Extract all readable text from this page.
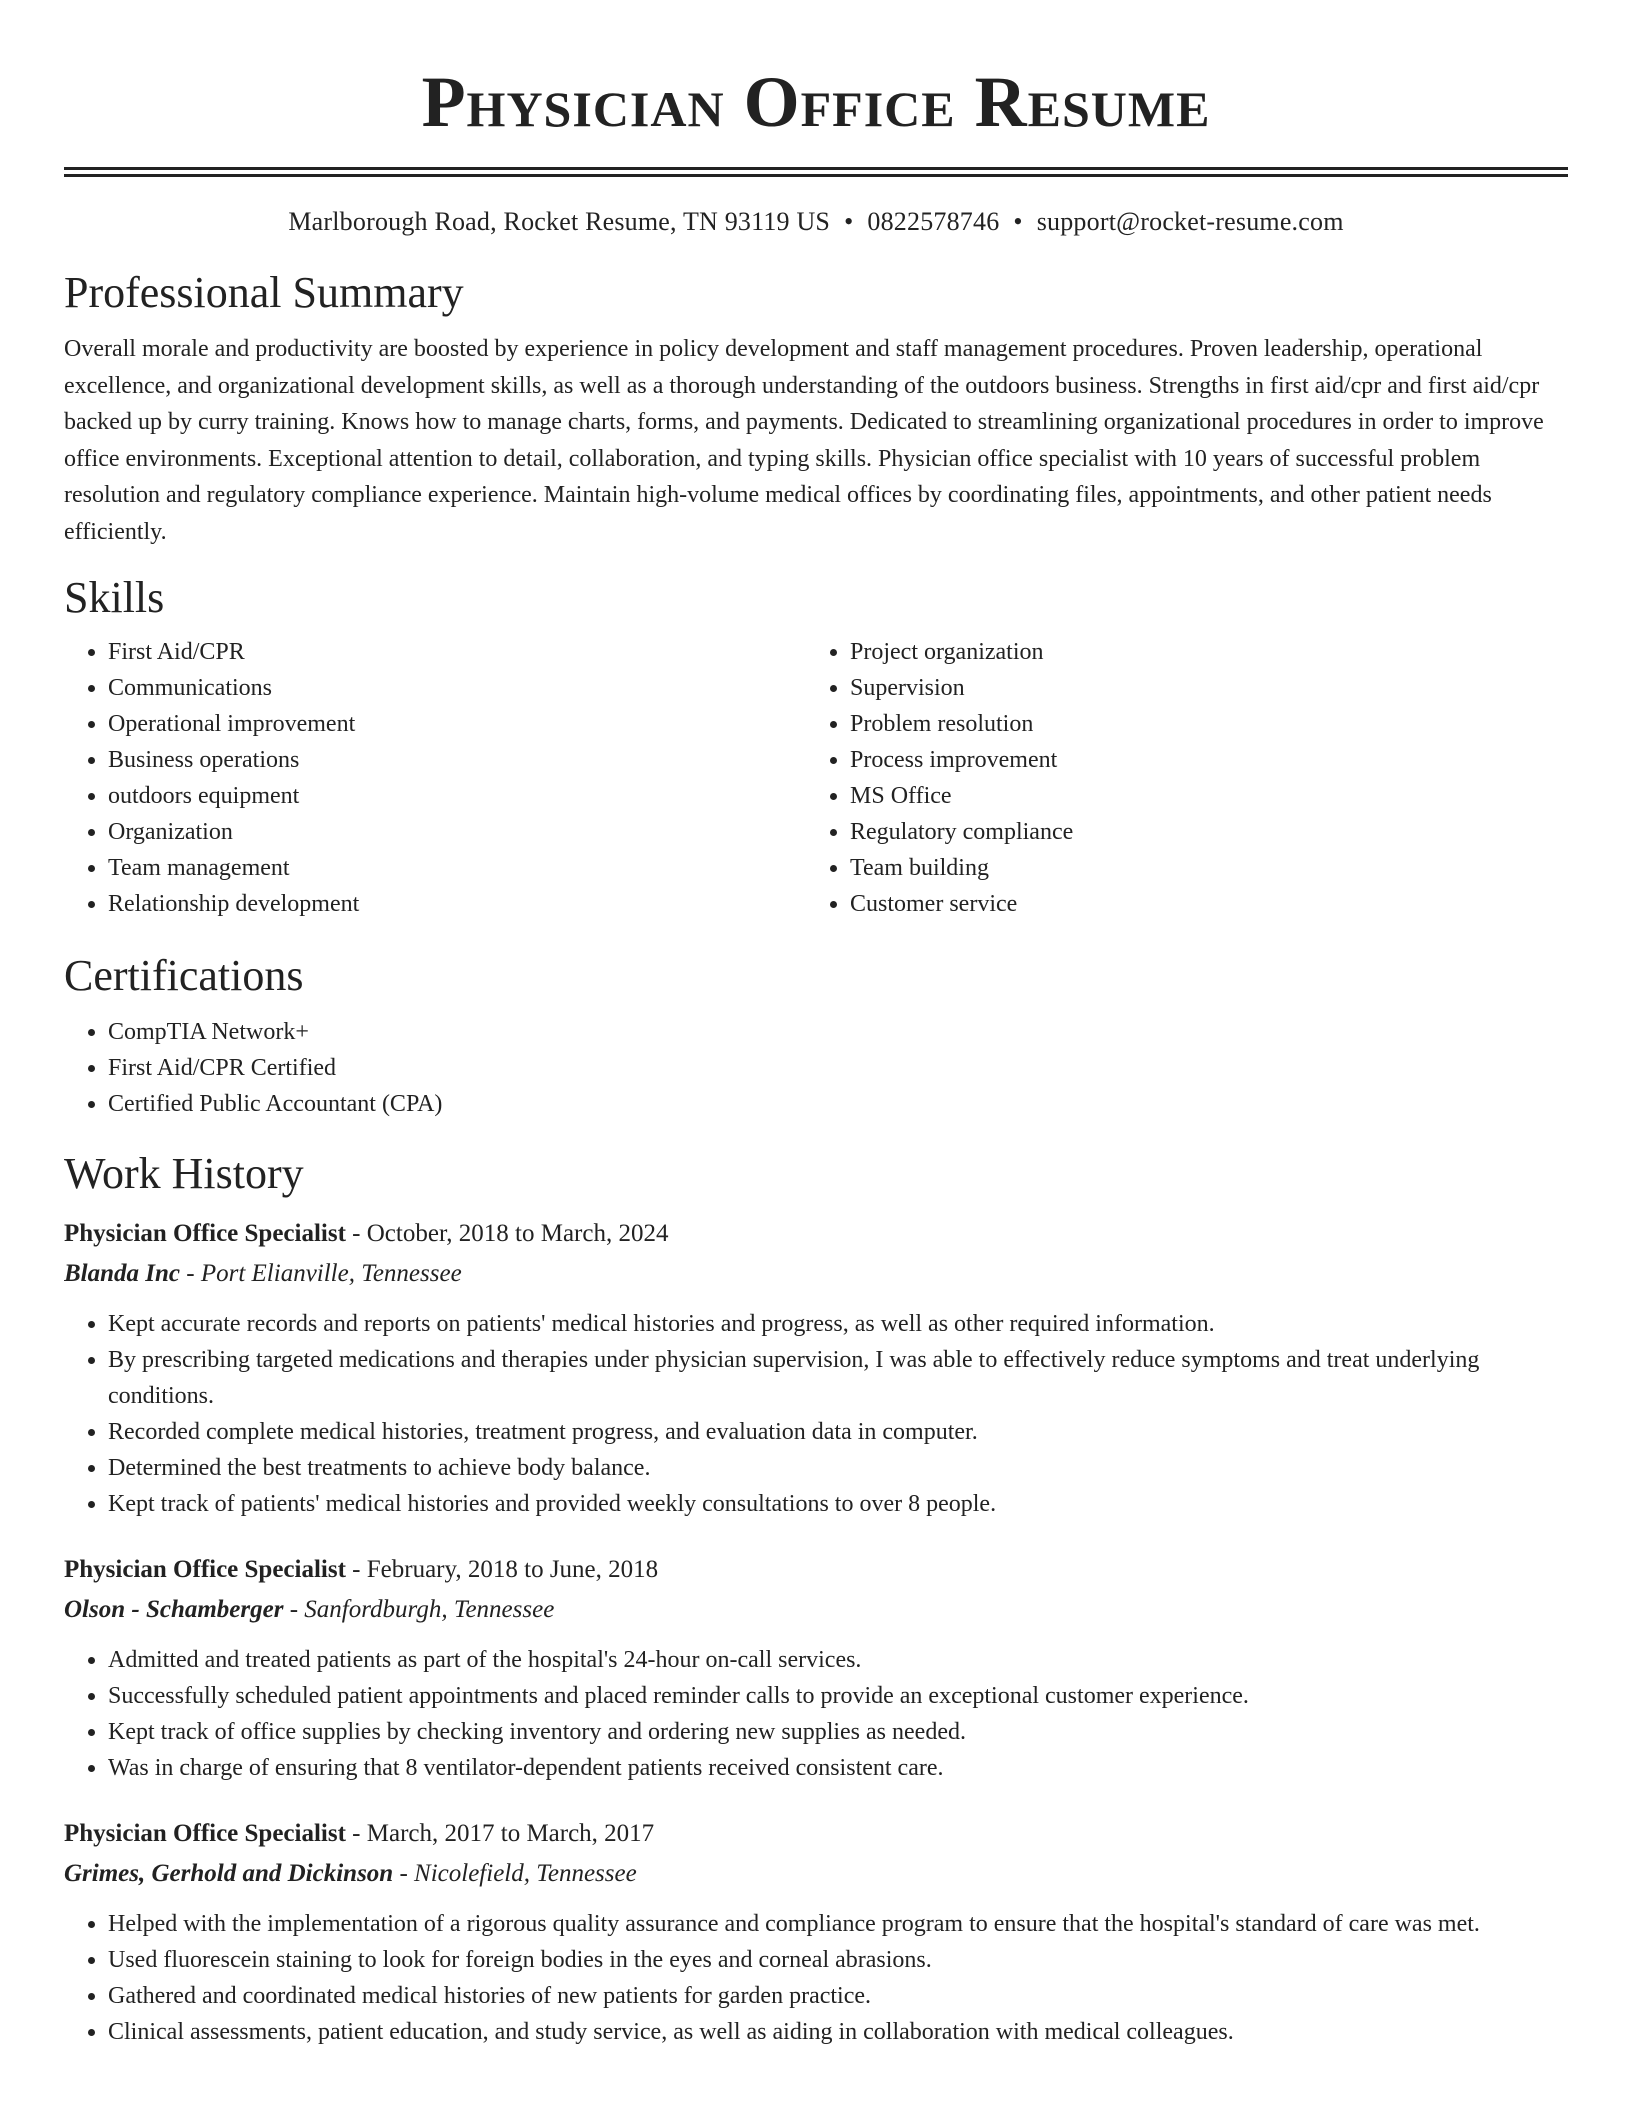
Physician Office Resume
Marlborough Road, Rocket Resume, TN 93119 US • 0822578746 • support@rocket-resume.com
Professional Summary
Overall morale and productivity are boosted by experience in policy development and staff management procedures. Proven leadership, operational excellence, and organizational development skills, as well as a thorough understanding of the outdoors business. Strengths in first aid/cpr and first aid/cpr backed up by curry training. Knows how to manage charts, forms, and payments. Dedicated to streamlining organizational procedures in order to improve office environments. Exceptional attention to detail, collaboration, and typing skills. Physician office specialist with 10 years of successful problem resolution and regulatory compliance experience. Maintain high-volume medical offices by coordinating files, appointments, and other patient needs efficiently.
Skills
• First Aid/CPR
• Communications
• Operational improvement
• Business operations
• outdoors equipment
• Organization
• Team management
• Relationship development
• Project organization
• Supervision
• Problem resolution
• Process improvement
• MS Office
• Regulatory compliance
• Team building
• Customer service
Certifications
• CompTIA Network+
• First Aid/CPR Certified
• Certified Public Accountant (CPA)
Work History
Physician Office Specialist - October, 2018 to March, 2024
Blanda Inc - Port Elianville, Tennessee
• Kept accurate records and reports on patients' medical histories and progress, as well as other required information.
• By prescribing targeted medications and therapies under physician supervision, I was able to effectively reduce symptoms and treat underlying conditions.
• Recorded complete medical histories, treatment progress, and evaluation data in computer.
• Determined the best treatments to achieve body balance.
• Kept track of patients' medical histories and provided weekly consultations to over 8 people.
Physician Office Specialist - February, 2018 to June, 2018
Olson - Schamberger - Sanfordburgh, Tennessee
• Admitted and treated patients as part of the hospital's 24-hour on-call services.
• Successfully scheduled patient appointments and placed reminder calls to provide an exceptional customer experience.
• Kept track of office supplies by checking inventory and ordering new supplies as needed.
• Was in charge of ensuring that 8 ventilator-dependent patients received consistent care.
Physician Office Specialist - March, 2017 to March, 2017
Grimes, Gerhold and Dickinson - Nicolefield, Tennessee
• Helped with the implementation of a rigorous quality assurance and compliance program to ensure that the hospital's standard of care was met.
• Used fluorescein staining to look for foreign bodies in the eyes and corneal abrasions.
• Gathered and coordinated medical histories of new patients for garden practice.
• Clinical assessments, patient education, and study service, as well as aiding in collaboration with medical colleagues.
